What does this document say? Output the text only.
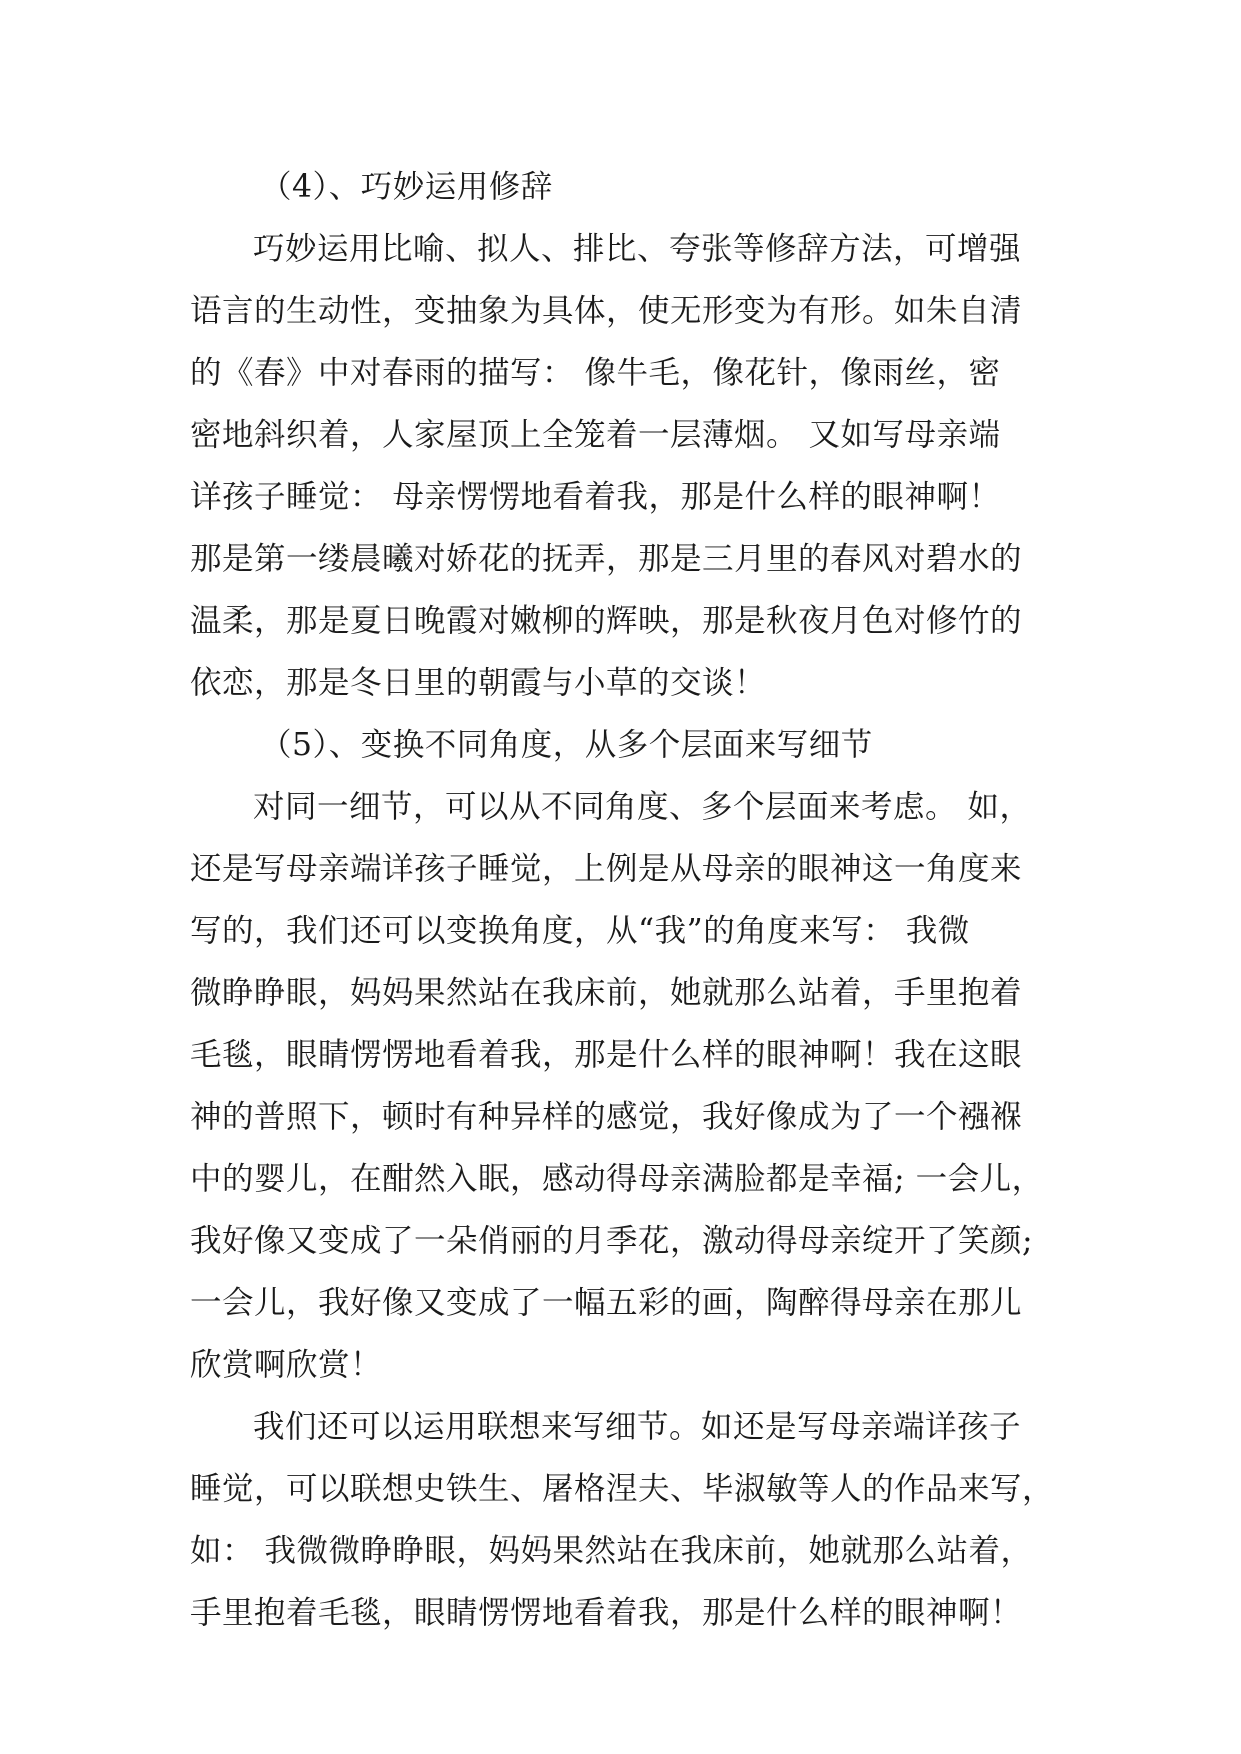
（4）、巧妙运用修辞
巧妙运用比喻、拟人、排比、夸张等修辞方法，可增强
语言的生动性，变抽象为具体，使无形变为有形。如朱自清
的《春》中对春雨的描写： 像牛毛，像花针，像雨丝，密
密地斜织着，人家屋顶上全笼着一层薄烟。 又如写母亲端
详孩子睡觉： 母亲愣愣地看着我，那是什么样的眼神啊！
那是第一缕晨曦对娇花的抚弄，那是三月里的春风对碧水的
温柔，那是夏日晚霞对嫩柳的辉映，那是秋夜月色对修竹的
依恋，那是冬日里的朝霞与小草的交谈！
（5）、变换不同角度，从多个层面来写细节
对同一细节，可以从不同角度、多个层面来考虑。 如，
还是写母亲端详孩子睡觉，上例是从母亲的眼神这一角度来
写的，我们还可以变换角度，从“我”的角度来写： 我微
微睁睁眼，妈妈果然站在我床前，她就那么站着，手里抱着
毛毯，眼睛愣愣地看着我，那是什么样的眼神啊！我在这眼
神的普照下，顿时有种异样的感觉，我好像成为了一个襁褓
中的婴儿，在酣然入眠，感动得母亲满脸都是幸福; 一会儿，
我好像又变成了一朵俏丽的月季花，激动得母亲绽开了笑颜;
一会儿，我好像又变成了一幅五彩的画，陶醉得母亲在那儿
欣赏啊欣赏！
我们还可以运用联想来写细节。如还是写母亲端详孩子
睡觉，可以联想史铁生、屠格涅夫、毕淑敏等人的作品来写，
如： 我微微睁睁眼，妈妈果然站在我床前，她就那么站着，
手里抱着毛毯，眼睛愣愣地看着我，那是什么样的眼神啊！
